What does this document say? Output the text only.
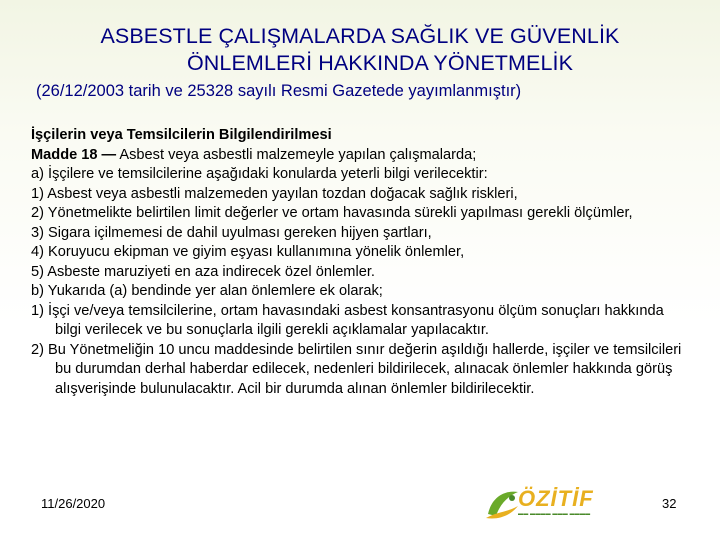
ASBESTLE ÇALIŞMALARDA SAĞLIK VE GÜVENLİK
ÖNLEMLERİ HAKKINDA YÖNETMELİK
(26/12/2003 tarih ve 25328 sayılı Resmi Gazetede yayımlanmıştır)

İşçilerin veya Temsilcilerin Bilgilendirilmesi

Madde 18 — Asbest veya asbestli malzemeyle yapılan çalışmalarda;

a) İşçilere ve temsilcilerine aşağıdaki konularda yeterli bilgi verilecektir:

1) Asbest veya asbestli malzemeden yayılan tozdan doğacak sağlık riskleri,

2) Yönetmelikte belirtilen limit değerler ve ortam havasında sürekli yapılması gerekli ölçümler,

3) Sigara içilmemesi de dahil uyulması gereken hijyen şartları,

4) Koruyucu ekipman ve giyim eşyası kullanımına yönelik önlemler,

5) Asbeste maruziyeti en aza indirecek özel önlemler.

b) Yukarıda (a) bendinde yer alan önlemlere ek olarak;

1) İşçi ve/veya temsilcilerine, ortam havasındaki asbest konsantrasyonu ölçüm sonuçları hakkında bilgi verilecek ve bu sonuçlarla ilgili gerekli açıklamalar yapılacaktır.

2) Bu Yönetmeliğin 10 uncu maddesinde belirtilen sınır değerin aşıldığı hallerde, işçiler ve temsilcileri bu durumdan derhal haberdar edilecek, nedenleri bildirilecek, alınacak önlemler hakkında görüş alışverişinde bulunulacaktır. Acil bir durumda alınan önlemler bildirilecektir.

11/26/2020	ÖZİTİF
▬▬ ▬▬▬▬ ▬▬▬ ▬▬▬▬
32
